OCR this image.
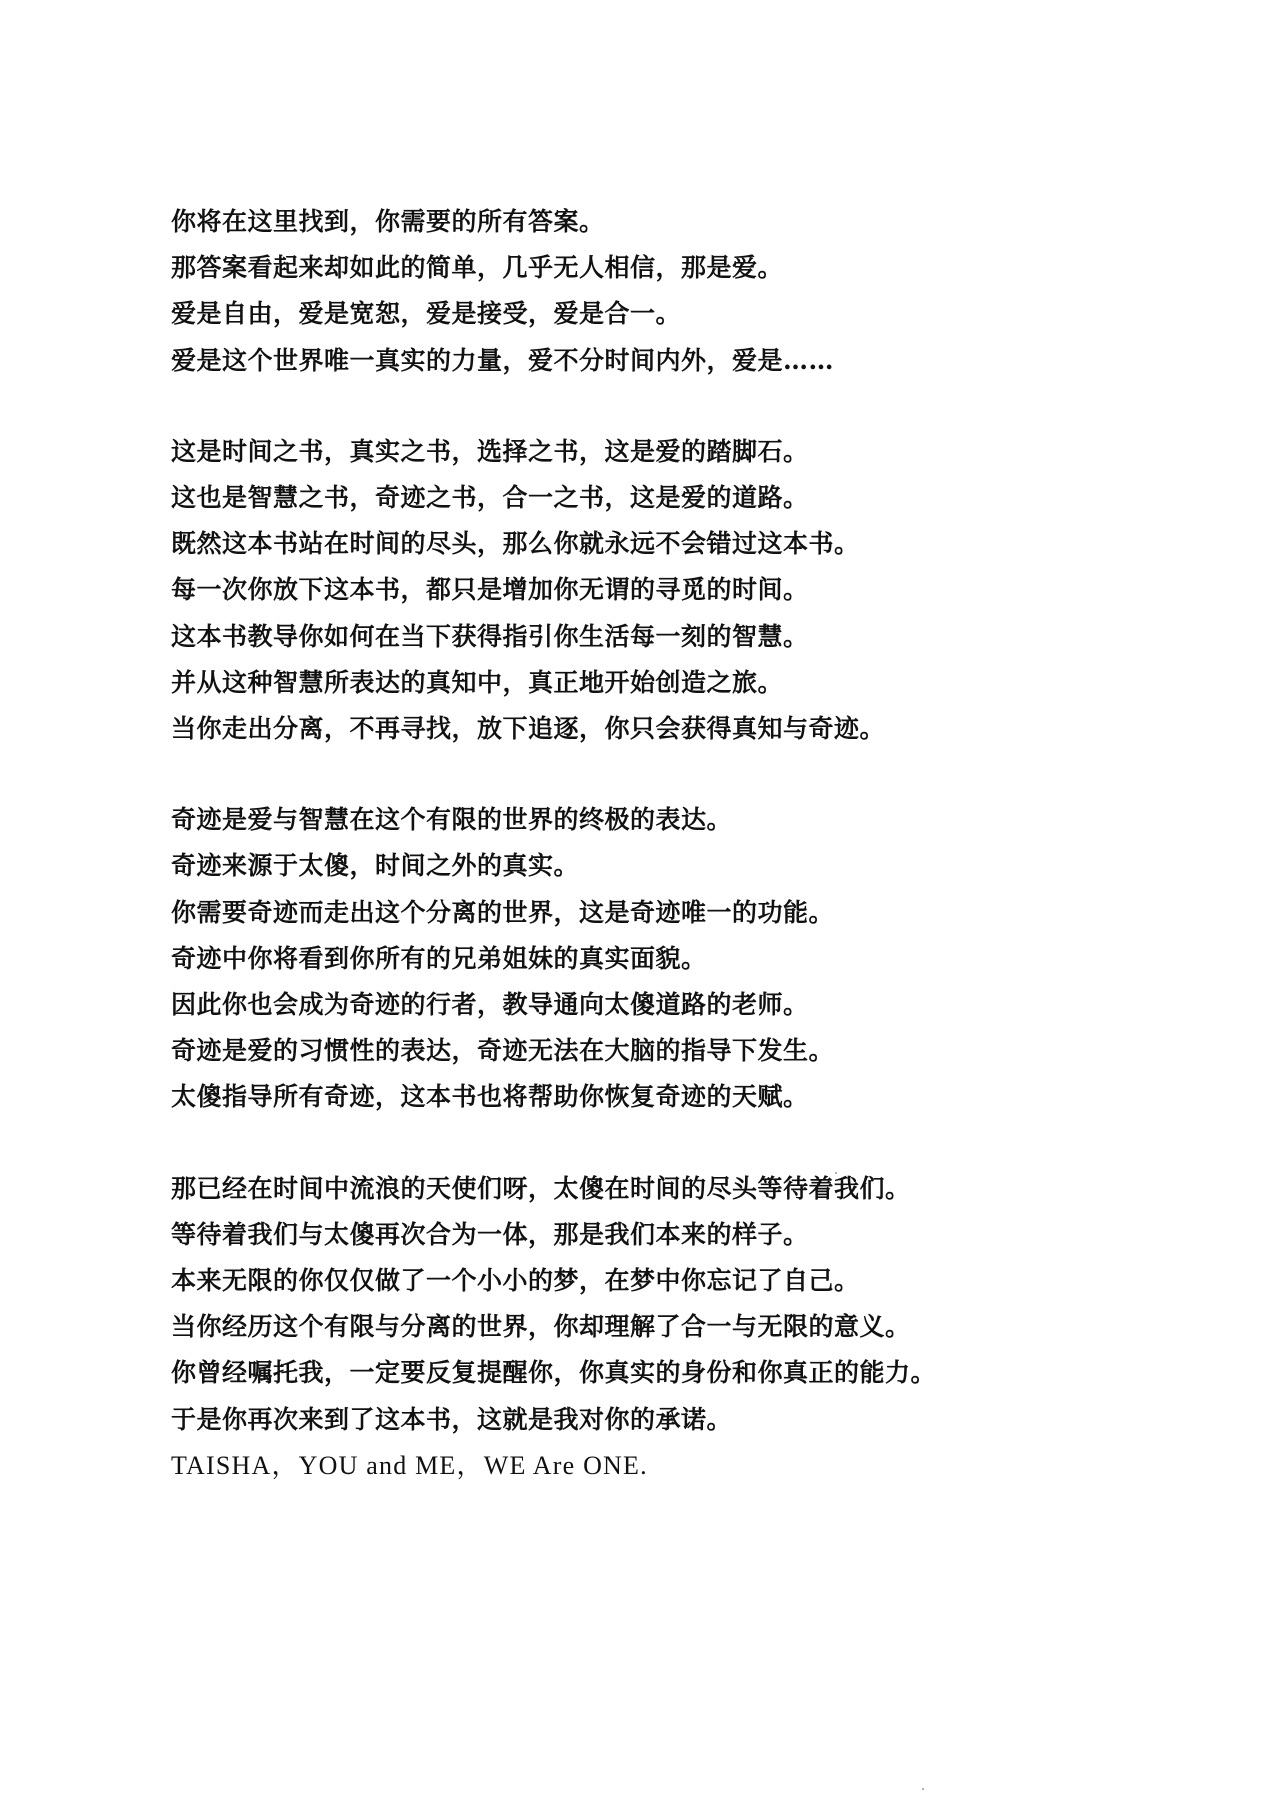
你将在这里找到，你需要的所有答案。
那答案看起来却如此的简单，几乎无人相信，那是爱。
爱是自由，爱是宽恕，爱是接受，爱是合一。
爱是这个世界唯一真实的力量，爱不分时间内外，爱是……

这是时间之书，真实之书，选择之书，这是爱的踏脚石。
这也是智慧之书，奇迹之书，合一之书，这是爱的道路。
既然这本书站在时间的尽头，那么你就永远不会错过这本书。
每一次你放下这本书，都只是增加你无谓的寻觅的时间。
这本书教导你如何在当下获得指引你生活每一刻的智慧。
并从这种智慧所表达的真知中，真正地开始创造之旅。
当你走出分离，不再寻找，放下追逐，你只会获得真知与奇迹。

奇迹是爱与智慧在这个有限的世界的终极的表达。
奇迹来源于太傻，时间之外的真实。
你需要奇迹而走出这个分离的世界，这是奇迹唯一的功能。
奇迹中你将看到你所有的兄弟姐妹的真实面貌。
因此你也会成为奇迹的行者，教导通向太傻道路的老师。
奇迹是爱的习惯性的表达，奇迹无法在大脑的指导下发生。
太傻指导所有奇迹，这本书也将帮助你恢复奇迹的天赋。

那已经在时间中流浪的天使们呀，太傻在时间的尽头等待着我们。
等待着我们与太傻再次合为一体，那是我们本来的样子。
本来无限的你仅仅做了一个小小的梦，在梦中你忘记了自己。
当你经历这个有限与分离的世界，你却理解了合一与无限的意义。
你曾经嘱托我，一定要反复提醒你，你真实的身份和你真正的能力。
于是你再次来到了这本书，这就是我对你的承诺。
TAISHA，YOU and ME，WE Are ONE.
